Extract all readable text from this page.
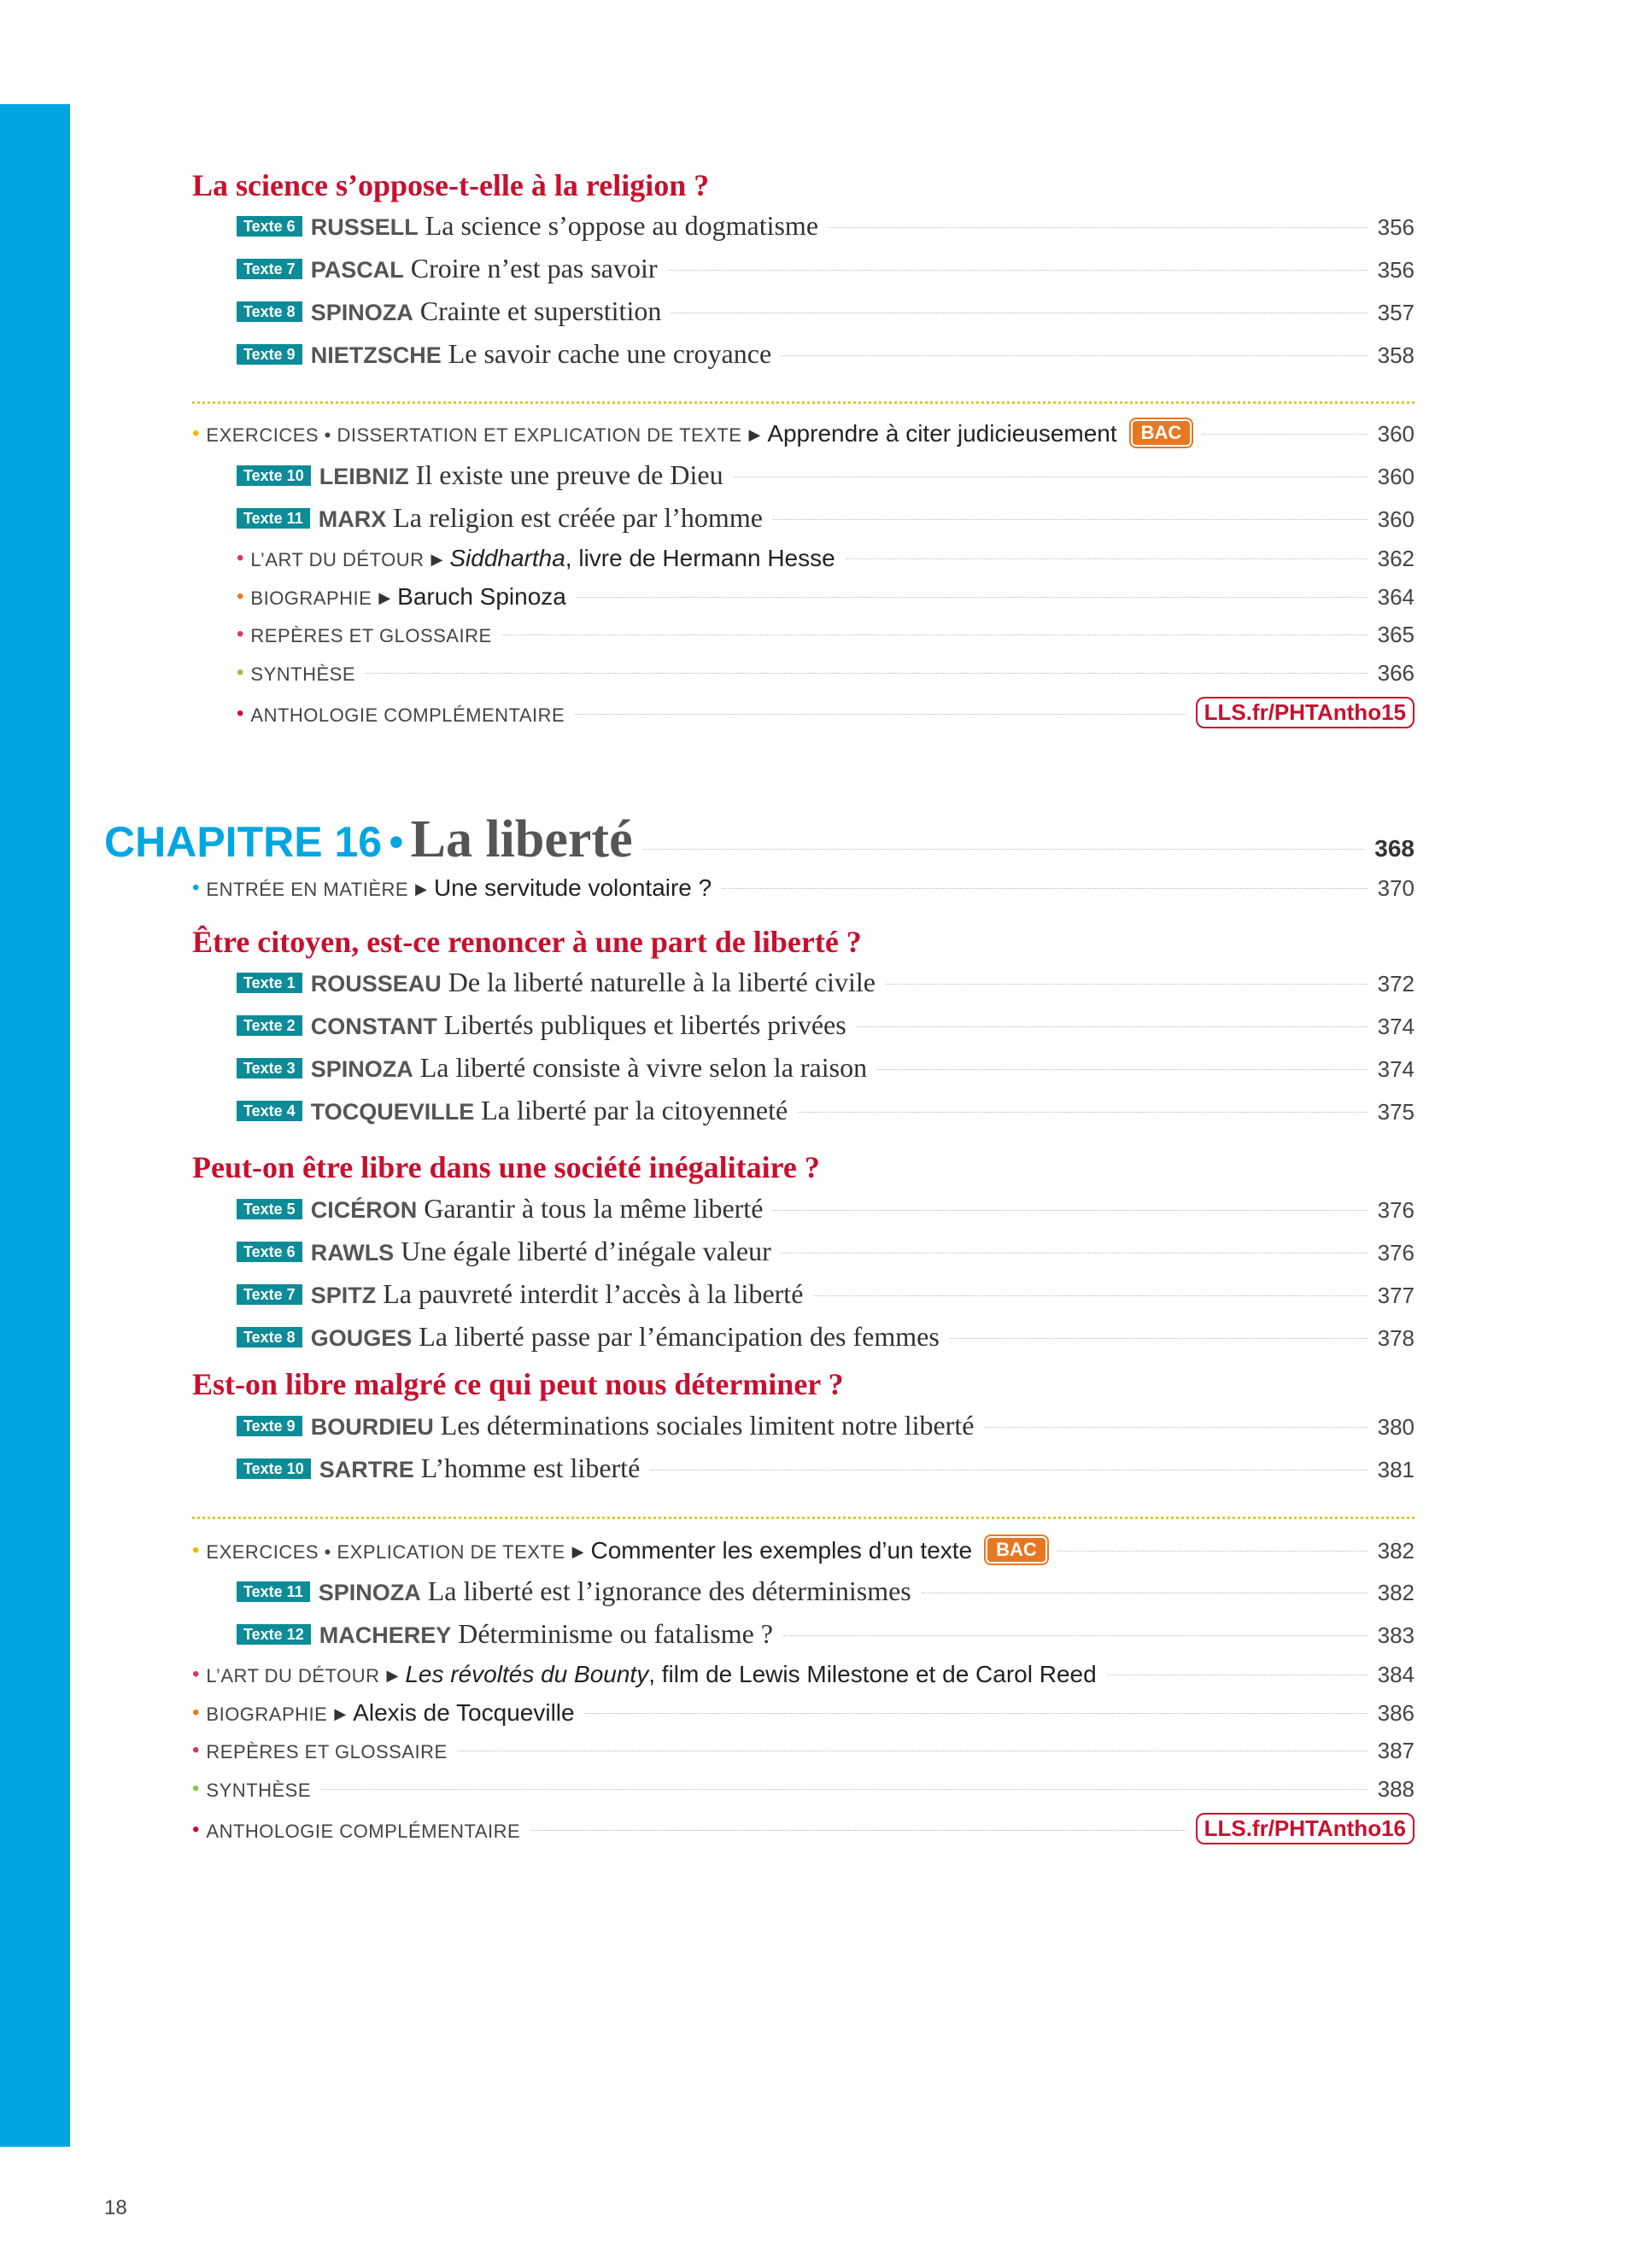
La science s’oppose-t-elle à la religion ?
Texte 6 RUSSELL La science s’oppose au dogmatisme	356
Texte 7 PASCAL Croire n’est pas savoir	356
Texte 8 SPINOZA Crainte et superstition	357
Texte 9 NIETZSCHE Le savoir cache une croyance	358
• EXERCICES • DISSERTATION ET EXPLICATION DE TEXTE ▶ Apprendre à citer judicieusement	BAC	360
Texte 10 LEIBNIZ Il existe une preuve de Dieu	360
Texte 11 MARX La religion est créée par l’homme	360
• L’ART DU DÉTOUR ▶ Siddhartha, livre de Hermann Hesse	362
• BIOGRAPHIE ▶ Baruch Spinoza	364
• REPÈRES ET GLOSSAIRE	365
• SYNTHÈSE	366
• ANTHOLOGIE COMPLÉMENTAIRE	LLS.fr/PHTAntho15
CHAPITRE 16 • La liberté	368
• ENTRÉE EN MATIÈRE ▶ Une servitude volontaire ?	370
Être citoyen, est-ce renoncer à une part de liberté ?
Texte 1 ROUSSEAU De la liberté naturelle à la liberté civile	372
Texte 2 CONSTANT Libertés publiques et libertés privées	374
Texte 3 SPINOZA La liberté consiste à vivre selon la raison	374
Texte 4 TOCQUEVILLE La liberté par la citoyenneté	375
Peut-on être libre dans une société inégalitaire ?
Texte 5 CICÉRON Garantir à tous la même liberté	376
Texte 6 RAWLS Une égale liberté d’inégale valeur	376
Texte 7 SPITZ La pauvreté interdit l’accès à la liberté	377
Texte 8 GOUGES La liberté passe par l’émancipation des femmes	378
Est-on libre malgré ce qui peut nous déterminer ?
Texte 9 BOURDIEU Les déterminations sociales limitent notre liberté	380
Texte 10 SARTRE L’homme est liberté	381
• EXERCICES • EXPLICATION DE TEXTE ▶ Commenter les exemples d’un texte	BAC	382
Texte 11 SPINOZA La liberté est l’ignorance des déterminismes	382
Texte 12 MACHEREY Déterminisme ou fatalisme ?	383
• L’ART DU DÉTOUR ▶ Les révoltés du Bounty, film de Lewis Milestone et de Carol Reed	384
• BIOGRAPHIE ▶ Alexis de Tocqueville	386
• REPÈRES ET GLOSSAIRE	387
• SYNTHÈSE	388
• ANTHOLOGIE COMPLÉMENTAIRE	LLS.fr/PHTAntho16
18
